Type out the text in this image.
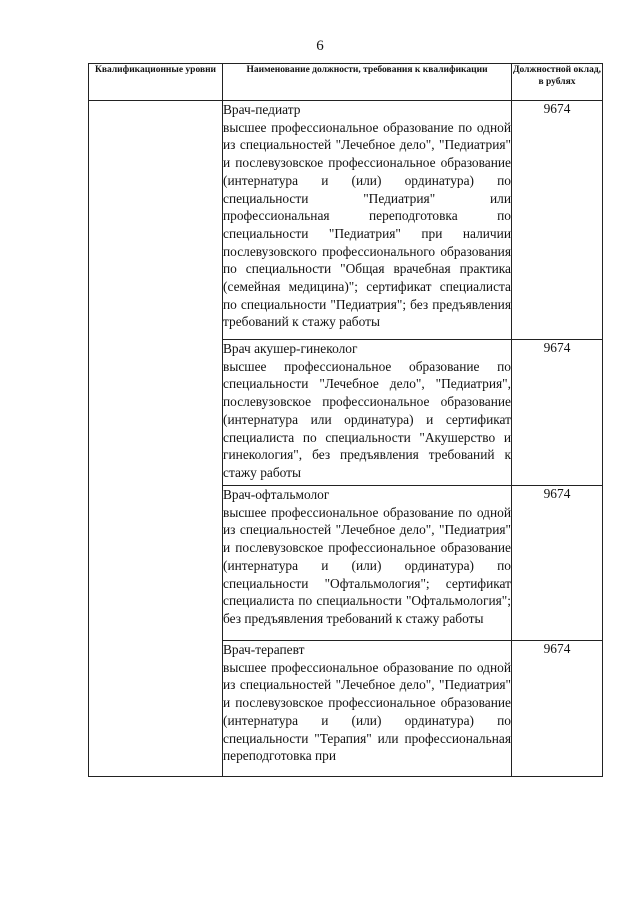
6
Квалификационные уровни	Наименование должности, требования к квалификации	Должностной оклад, в рублях

	Врач-педиатр
высшее профессиональное образование по одной из специальностей "Лечебное дело", "Педиатрия" и послевузовское профессиональное образование (интернатура и (или) ординатура) по специальности "Педиатрия" или профессиональная переподготовка по специальности "Педиатрия" при наличии послевузовского профессионального образования по специальности "Общая врачебная практика (семейная медицина)"; сертификат специалиста по специальности "Педиатрия"; без предъявления требований к стажу работы	9674

	Врач акушер-гинеколог
высшее профессиональное образование по специальности "Лечебное дело", "Педиатрия", послевузовское профессиональное образование (интернатура или ординатура) и сертификат специалиста по специальности "Акушерство и гинекология", без предъявления требований к стажу работы	9674

	Врач-офтальмолог
высшее профессиональное образование по одной из специальностей "Лечебное дело", "Педиатрия" и послевузовское профессиональное образование (интернатура и (или) ординатура) по специальности "Офтальмология"; сертификат специалиста по специальности "Офтальмология"; без предъявления требований к стажу работы	9674

	Врач-терапевт
высшее профессиональное образование по одной из специальностей "Лечебное дело", "Педиатрия" и послевузовское профессиональное образование (интернатура и (или) ординатура) по специальности "Терапия" или профессиональная переподготовка при	9674
